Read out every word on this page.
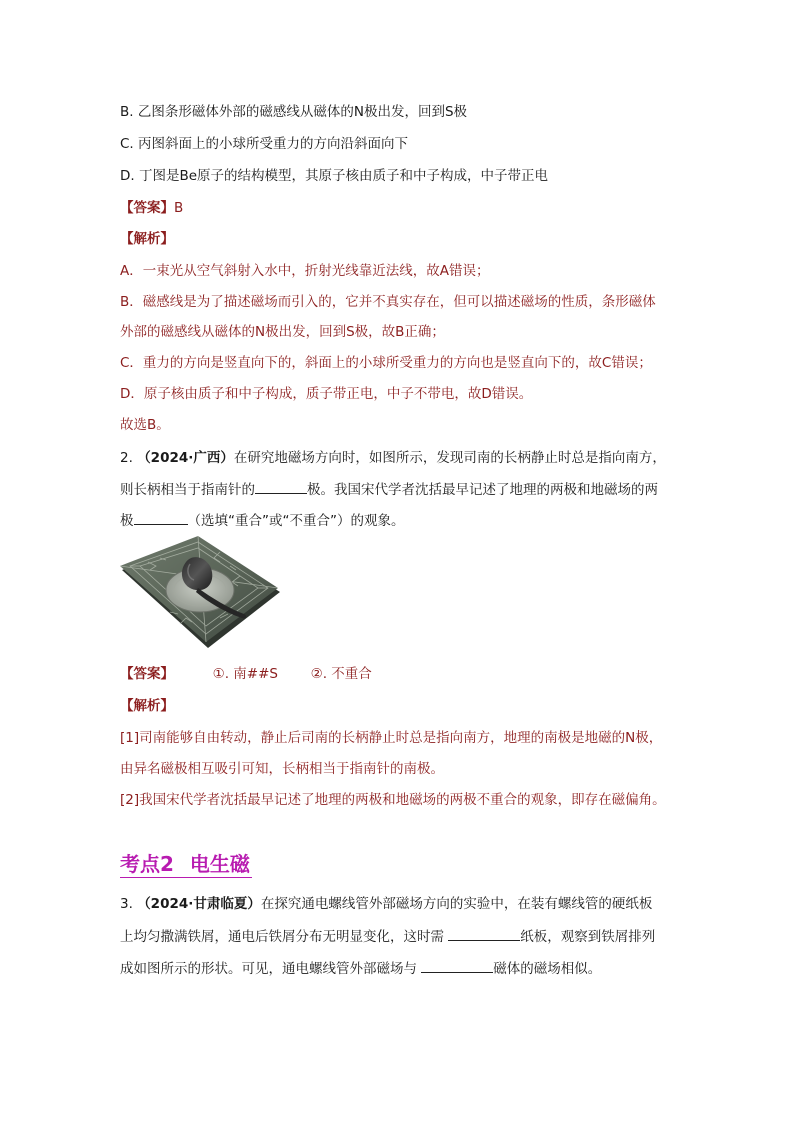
B. 乙图条形磁体外部的磁感线从磁体的N极出发，回到S极
C. 丙图斜面上的小球所受重力的方向沿斜面向下
D. 丁图是Be原子的结构模型，其原子核由质子和中子构成，中子带正电
【答案】B
【解析】
A．一束光从空气斜射入水中，折射光线靠近法线，故A错误；
B．磁感线是为了描述磁场而引入的，它并不真实存在，但可以描述磁场的性质，条形磁体
外部的磁感线从磁体的N极出发，回到S极，故B正确；
C．重力的方向是竖直向下的，斜面上的小球所受重力的方向也是竖直向下的，故C错误；
D．原子核由质子和中子构成，质子带正电，中子不带电，故D错误。
故选B。
2. （2024·广西）在研究地磁场方向时，如图所示，发现司南的长柄静止时总是指向南方，
则长柄相当于指南针的	极。我国宋代学者沈括最早记述了地理的两极和地磁场的两
极	（选填“重合”或“不重合”）的观象。
【答案】	①. 南##S ②. 不重合
【解析】
[1]司南能够自由转动，静止后司南的长柄静止时总是指向南方，地理的南极是地磁的N极，
由异名磁极相互吸引可知，长柄相当于指南针的南极。
[2]我国宋代学者沈括最早记述了地理的两极和地磁场的两极不重合的观象，即存在磁偏角。
考点2 电生磁
3. （2024·甘肃临夏）在探究通电螺线管外部磁场方向的实验中，在装有螺线管的硬纸板
上均匀撒满铁屑，通电后铁屑分布无明显变化，这时需	纸板，观察到铁屑排列
成如图所示的形状。可见，通电螺线管外部磁场与	磁体的磁场相似。
